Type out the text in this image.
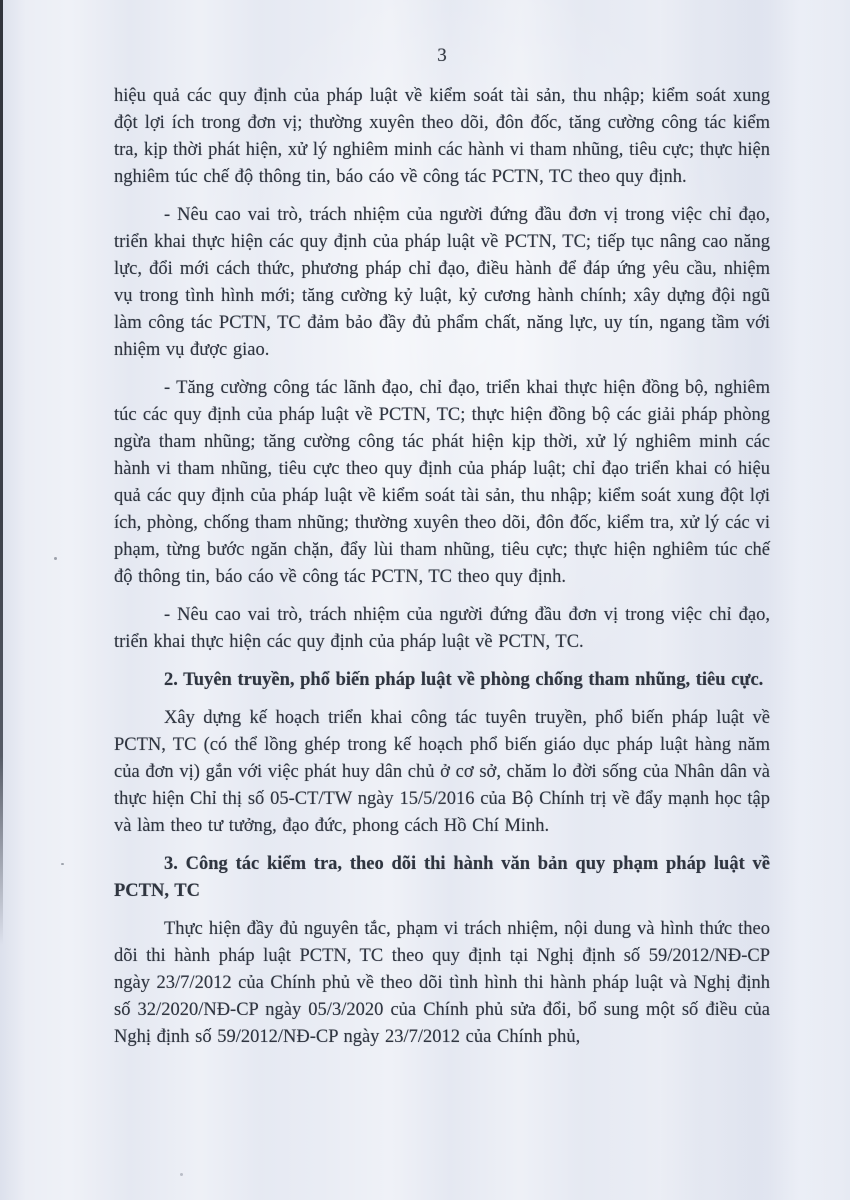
3

hiệu quả các quy định của pháp luật về kiểm soát tài sản, thu nhập; kiểm soát xung đột lợi ích trong đơn vị; thường xuyên theo dõi, đôn đốc, tăng cường công tác kiểm tra, kịp thời phát hiện, xử lý nghiêm minh các hành vi tham nhũng, tiêu cực; thực hiện nghiêm túc chế độ thông tin, báo cáo về công tác PCTN, TC theo quy định.

- Nêu cao vai trò, trách nhiệm của người đứng đầu đơn vị trong việc chỉ đạo, triển khai thực hiện các quy định của pháp luật về PCTN, TC; tiếp tục nâng cao năng lực, đổi mới cách thức, phương pháp chỉ đạo, điều hành để đáp ứng yêu cầu, nhiệm vụ trong tình hình mới; tăng cường kỷ luật, kỷ cương hành chính; xây dựng đội ngũ làm công tác PCTN, TC đảm bảo đầy đủ phẩm chất, năng lực, uy tín, ngang tầm với nhiệm vụ được giao.

- Tăng cường công tác lãnh đạo, chỉ đạo, triển khai thực hiện đồng bộ, nghiêm túc các quy định của pháp luật về PCTN, TC; thực hiện đồng bộ các giải pháp phòng ngừa tham nhũng; tăng cường công tác phát hiện kịp thời, xử lý nghiêm minh các hành vi tham nhũng, tiêu cực theo quy định của pháp luật; chỉ đạo triển khai có hiệu quả các quy định của pháp luật về kiểm soát tài sản, thu nhập; kiểm soát xung đột lợi ích, phòng, chống tham nhũng; thường xuyên theo dõi, đôn đốc, kiểm tra, xử lý các vi phạm, từng bước ngăn chặn, đẩy lùi tham nhũng, tiêu cực; thực hiện nghiêm túc chế độ thông tin, báo cáo về công tác PCTN, TC theo quy định.

- Nêu cao vai trò, trách nhiệm của người đứng đầu đơn vị trong việc chỉ đạo, triển khai thực hiện các quy định của pháp luật về PCTN, TC.

2. Tuyên truyền, phổ biến pháp luật về phòng chống tham nhũng, tiêu cực.

Xây dựng kế hoạch triển khai công tác tuyên truyền, phổ biến pháp luật về PCTN, TC (có thể lồng ghép trong kế hoạch phổ biến giáo dục pháp luật hàng năm của đơn vị) gắn với việc phát huy dân chủ ở cơ sở, chăm lo đời sống của Nhân dân và thực hiện Chỉ thị số 05-CT/TW ngày 15/5/2016 của Bộ Chính trị về đẩy mạnh học tập và làm theo tư tưởng, đạo đức, phong cách Hồ Chí Minh.

3. Công tác kiểm tra, theo dõi thi hành văn bản quy phạm pháp luật về PCTN, TC

Thực hiện đầy đủ nguyên tắc, phạm vi trách nhiệm, nội dung và hình thức theo dõi thi hành pháp luật PCTN, TC theo quy định tại Nghị định số 59/2012/NĐ-CP ngày 23/7/2012 của Chính phủ về theo dõi tình hình thi hành pháp luật và Nghị định số 32/2020/NĐ-CP ngày 05/3/2020 của Chính phủ sửa đổi, bổ sung một số điều của Nghị định số 59/2012/NĐ-CP ngày 23/7/2012 của Chính phủ,
